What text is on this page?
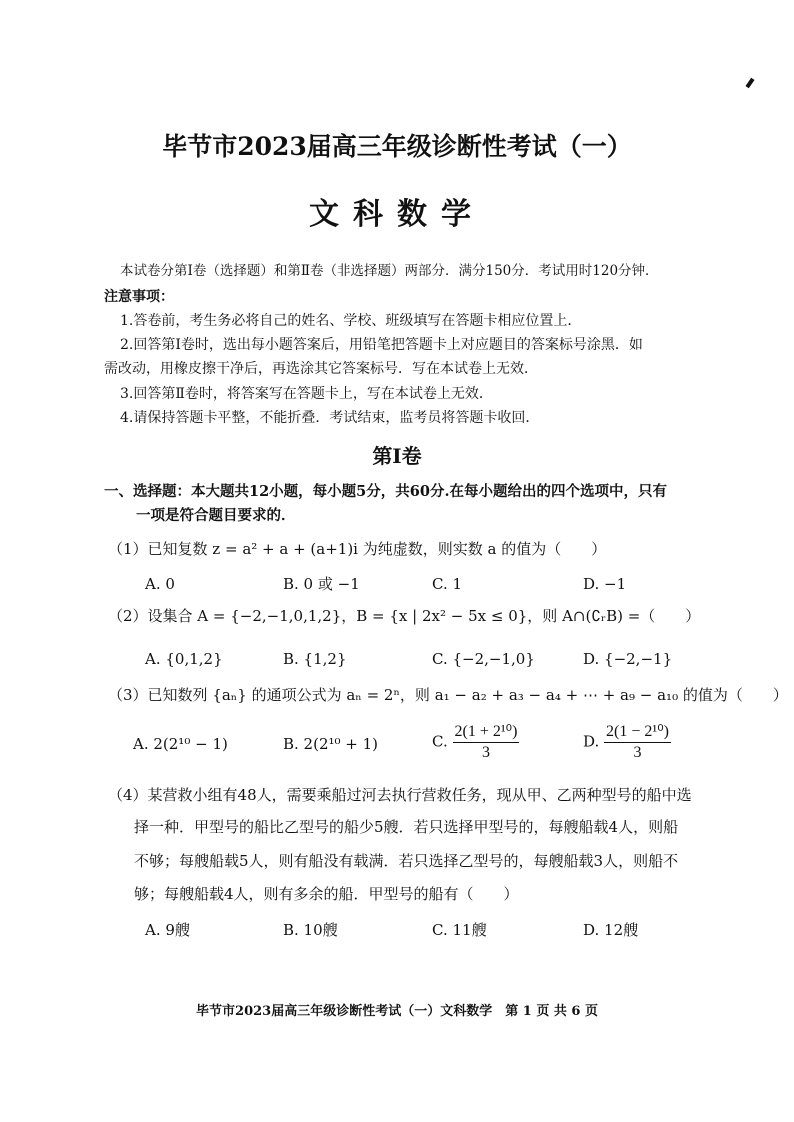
毕节市2023届高三年级诊断性考试（一）
文科数学
本试卷分第Ⅰ卷（选择题）和第Ⅱ卷（非选择题）两部分．满分150分．考试用时120分钟．
注意事项：
1.答卷前，考生务必将自己的姓名、学校、班级填写在答题卡相应位置上．
2.回答第Ⅰ卷时，选出每小题答案后，用铅笔把答题卡上对应题目的答案标号涂黑．如
需改动，用橡皮擦干净后，再选涂其它答案标号．写在本试卷上无效．
3.回答第Ⅱ卷时，将答案写在答题卡上，写在本试卷上无效．
4.请保持答题卡平整，不能折叠．考试结束，监考员将答题卡收回．
第Ⅰ卷
一、选择题：本大题共12小题，每小题5分，共60分.在每小题给出的四个选项中，只有
一项是符合题目要求的．
（1）已知复数 z = a² + a + (a+1)i 为纯虚数，则实数 a 的值为（　　）
A. 0	B. 0 或 −1	C. 1	D. −1
（2）设集合 A = {−2,−1,0,1,2}，B = {x | 2x² − 5x ≤ 0}，则 A∩(∁ᵣB) =（　　）
A. {0,1,2}	B. {1,2}	C. {−2,−1,0}	D. {−2,−1}
（3）已知数列 {aₙ} 的通项公式为 aₙ = 2ⁿ，则 a₁ − a₂ + a₃ − a₄ + ⋯ + a₉ − a₁₀ 的值为（　　）
A. 2(2¹⁰ − 1)	B. 2(2¹⁰ + 1)	C. $\frac{\text{2(1 + 2¹⁰)}}{3}$	D. $\frac{\text{2(1 − 2¹⁰)}}{3}$
（4）某营救小组有48人，需要乘船过河去执行营救任务，现从甲、乙两种型号的船中选
择一种．甲型号的船比乙型号的船少5艘．若只选择甲型号的，每艘船载4人，则船
不够；每艘船载5人，则有船没有载满．若只选择乙型号的，每艘船载3人，则船不
够；每艘船载4人，则有多余的船．甲型号的船有（　　）
A. 9艘	B. 10艘	C. 11艘	D. 12艘
毕节市2023届高三年级诊断性考试（一）文科数学　第 1 页 共 6 页
